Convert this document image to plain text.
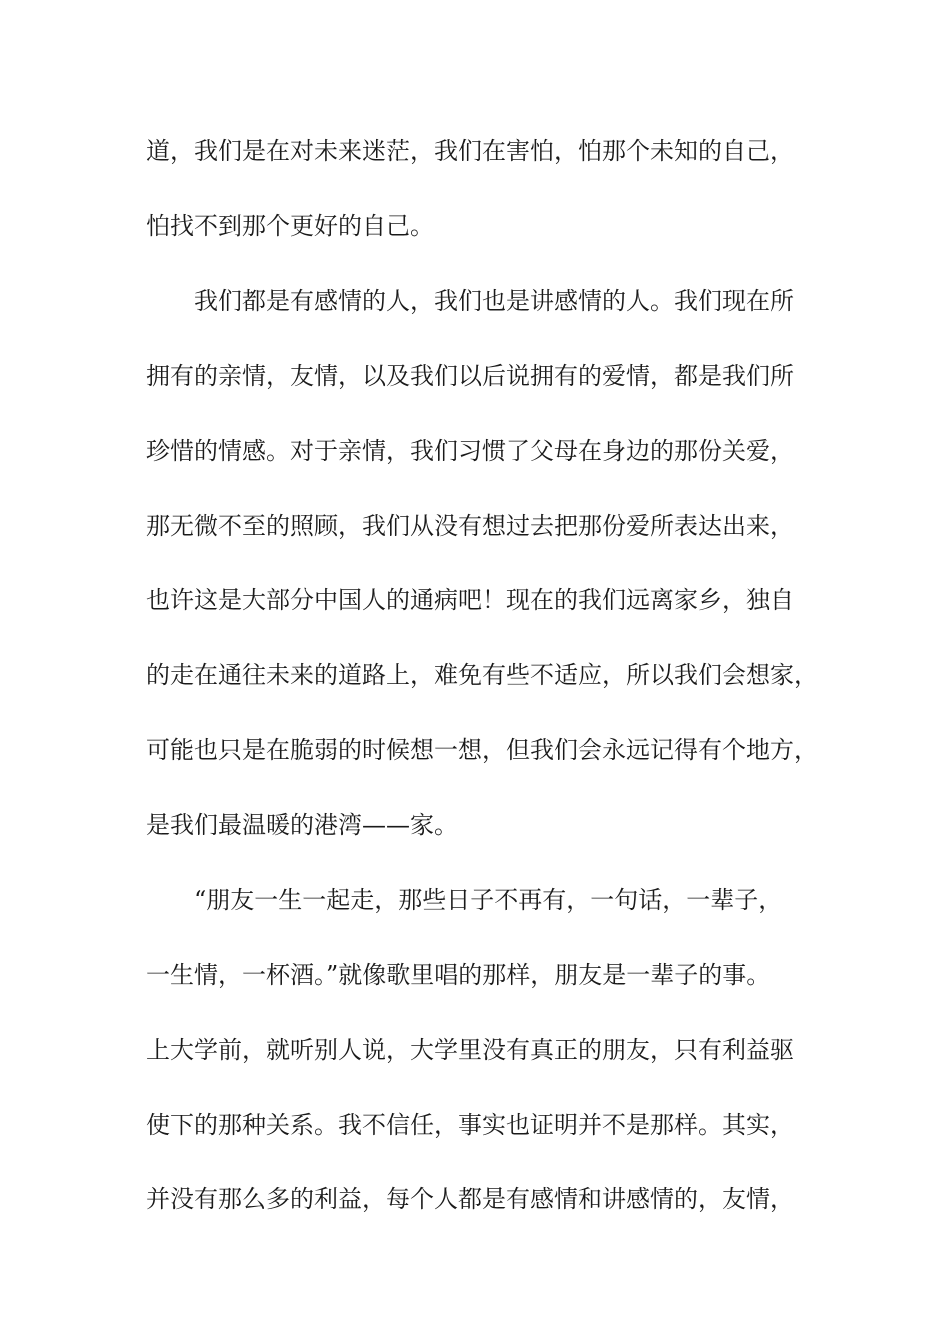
道，我们是在对未来迷茫，我们在害怕，怕那个未知的自己，
怕找不到那个更好的自己。
我们都是有感情的人，我们也是讲感情的人。我们现在所
拥有的亲情，友情，以及我们以后说拥有的爱情，都是我们所
珍惜的情感。对于亲情，我们习惯了父母在身边的那份关爱，
那无微不至的照顾，我们从没有想过去把那份爱所表达出来，
也许这是大部分中国人的通病吧！现在的我们远离家乡，独自
的走在通往未来的道路上，难免有些不适应，所以我们会想家，
可能也只是在脆弱的时候想一想，但我们会永远记得有个地方，
是我们最温暖的港湾——家。
“朋友一生一起走，那些日子不再有，一句话，一辈子，
一生情，一杯酒。”就像歌里唱的那样，朋友是一辈子的事。
上大学前，就听别人说，大学里没有真正的朋友，只有利益驱
使下的那种关系。我不信任，事实也证明并不是那样。其实，
并没有那么多的利益，每个人都是有感情和讲感情的，友情，
